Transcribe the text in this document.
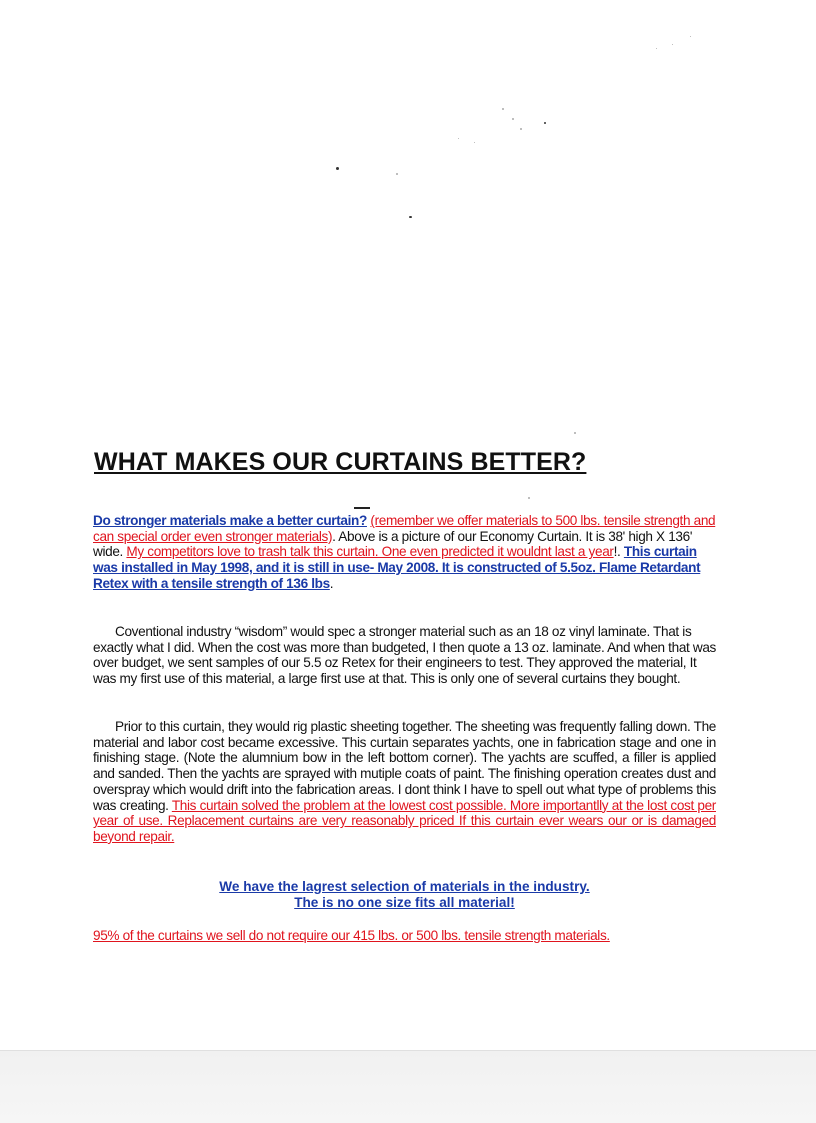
WHAT MAKES OUR CURTAINS BETTER?

Do stronger materials make a better curtain? (remember we offer materials to 500 lbs. tensile strength and can special order even stronger materials). Above is a picture of our Economy Curtain. It is 38' high X 136' wide. My competitors love to trash talk this curtain. One even predicted it wouldnt last a year!. This curtain was installed in May 1998, and it is still in use- May 2008. It is constructed of 5.5oz. Flame Retardant Retex with a tensile strength of 136 lbs.

Coventional industry “wisdom” would spec a stronger material such as an 18 oz vinyl laminate. That is exactly what I did. When the cost was more than budgeted, I then quote a 13 oz. laminate. And when that was over budget, we sent samples of our 5.5 oz Retex for their engineers to test. They approved the material, It was my first use of this material, a large first use at that. This is only one of several curtains they bought.

Prior to this curtain, they would rig plastic sheeting together. The sheeting was frequently falling down. The material and labor cost became excessive. This curtain separates yachts, one in fabrication stage and one in finishing stage. (Note the alumnium bow in the left bottom corner). The yachts are scuffed, a filler is applied and sanded. Then the yachts are sprayed with mutiple coats of paint. The finishing operation creates dust and overspray which would drift into the fabrication areas. I dont think I have to spell out what type of problems this was creating. This curtain solved the problem at the lowest cost possible. More importantlly at the lost cost per year of use. Replacement curtains are very reasonably priced If this curtain ever wears our or is damaged beyond repair.

We have the lagrest selection of materials in the industry.
The is no one size fits all material!

95% of the curtains we sell do not require our 415 lbs. or 500 lbs. tensile strength materials.
